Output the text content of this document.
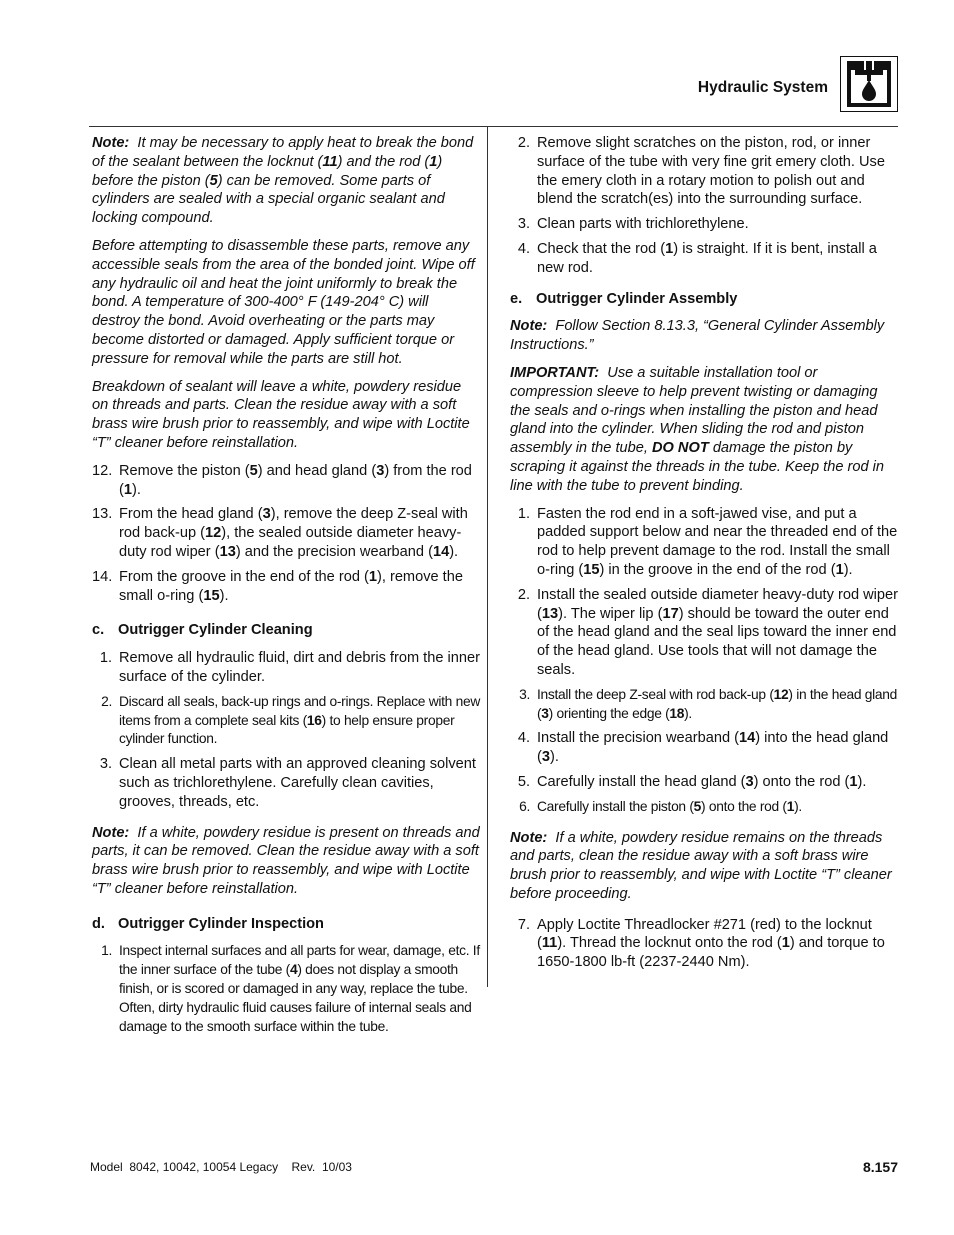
Hydraulic System

Note: It may be necessary to apply heat to break the bond of the sealant between the locknut (11) and the rod (1) before the piston (5) can be removed. Some parts of cylinders are sealed with a special organic sealant and locking compound.

Before attempting to disassemble these parts, remove any accessible seals from the area of the bonded joint. Wipe off any hydraulic oil and heat the joint uniformly to break the bond. A temperature of 300-400° F (149-204° C) will destroy the bond. Avoid overheating or the parts may become distorted or damaged. Apply sufficient torque or pressure for removal while the parts are still hot.

Breakdown of sealant will leave a white, powdery residue on threads and parts. Clean the residue away with a soft brass wire brush prior to reassembly, and wipe with Loctite “T” cleaner before reinstallation.

12. Remove the piston (5) and head gland (3) from the rod (1).
13. From the head gland (3), remove the deep Z-seal with rod back-up (12), the sealed outside diameter heavy-duty rod wiper (13) and the precision wearband (14).
14. From the groove in the end of the rod (1), remove the small o-ring (15).
c. Outrigger Cylinder Cleaning
1. Remove all hydraulic fluid, dirt and debris from the inner surface of the cylinder.
2. Discard all seals, back-up rings and o-rings. Replace with new items from a complete seal kits (16) to help ensure proper cylinder function.
3. Clean all metal parts with an approved cleaning solvent such as trichlorethylene. Carefully clean cavities, grooves, threads, etc.

Note: If a white, powdery residue is present on threads and parts, it can be removed. Clean the residue away with a soft brass wire brush prior to reassembly, and wipe with Loctite “T” cleaner before reinstallation.

d. Outrigger Cylinder Inspection
1. Inspect internal surfaces and all parts for wear, damage, etc. If the inner surface of the tube (4) does not display a smooth finish, or is scored or damaged in any way, replace the tube. Often, dirty hydraulic fluid causes failure of internal seals and damage to the smooth surface within the tube.
2. Remove slight scratches on the piston, rod, or inner surface of the tube with very fine grit emery cloth. Use the emery cloth in a rotary motion to polish out and blend the scratch(es) into the surrounding surface.
3. Clean parts with trichlorethylene.
4. Check that the rod (1) is straight. If it is bent, install a new rod.
e. Outrigger Cylinder Assembly

Note: Follow Section 8.13.3, “General Cylinder Assembly Instructions.”

IMPORTANT: Use a suitable installation tool or compression sleeve to help prevent twisting or damaging the seals and o-rings when installing the piston and head gland into the cylinder. When sliding the rod and piston assembly in the tube, DO NOT damage the piston by scraping it against the threads in the tube. Keep the rod in line with the tube to prevent binding.

1. Fasten the rod end in a soft-jawed vise, and put a padded support below and near the threaded end of the rod to help prevent damage to the rod. Install the small o-ring (15) in the groove in the end of the rod (1).
2. Install the sealed outside diameter heavy-duty rod wiper (13). The wiper lip (17) should be toward the outer end of the head gland and the seal lips toward the inner end of the head gland. Use tools that will not damage the seals.
3. Install the deep Z-seal with rod back-up (12) in the head gland (3) orienting the edge (18).
4. Install the precision wearband (14) into the head gland (3).
5. Carefully install the head gland (3) onto the rod (1).
6. Carefully install the piston (5) onto the rod (1).

Note: If a white, powdery residue remains on the threads and parts, clean the residue away with a soft brass wire brush prior to reassembly, and wipe with Loctite “T” cleaner before proceeding.

7. Apply Loctite Threadlocker #271 (red) to the locknut (11). Thread the locknut onto the rod (1) and torque to 1650-1800 lb-ft (2237-2440 Nm).
Model  8042, 10042, 10054 Legacy    Rev.  10/03	8.157
